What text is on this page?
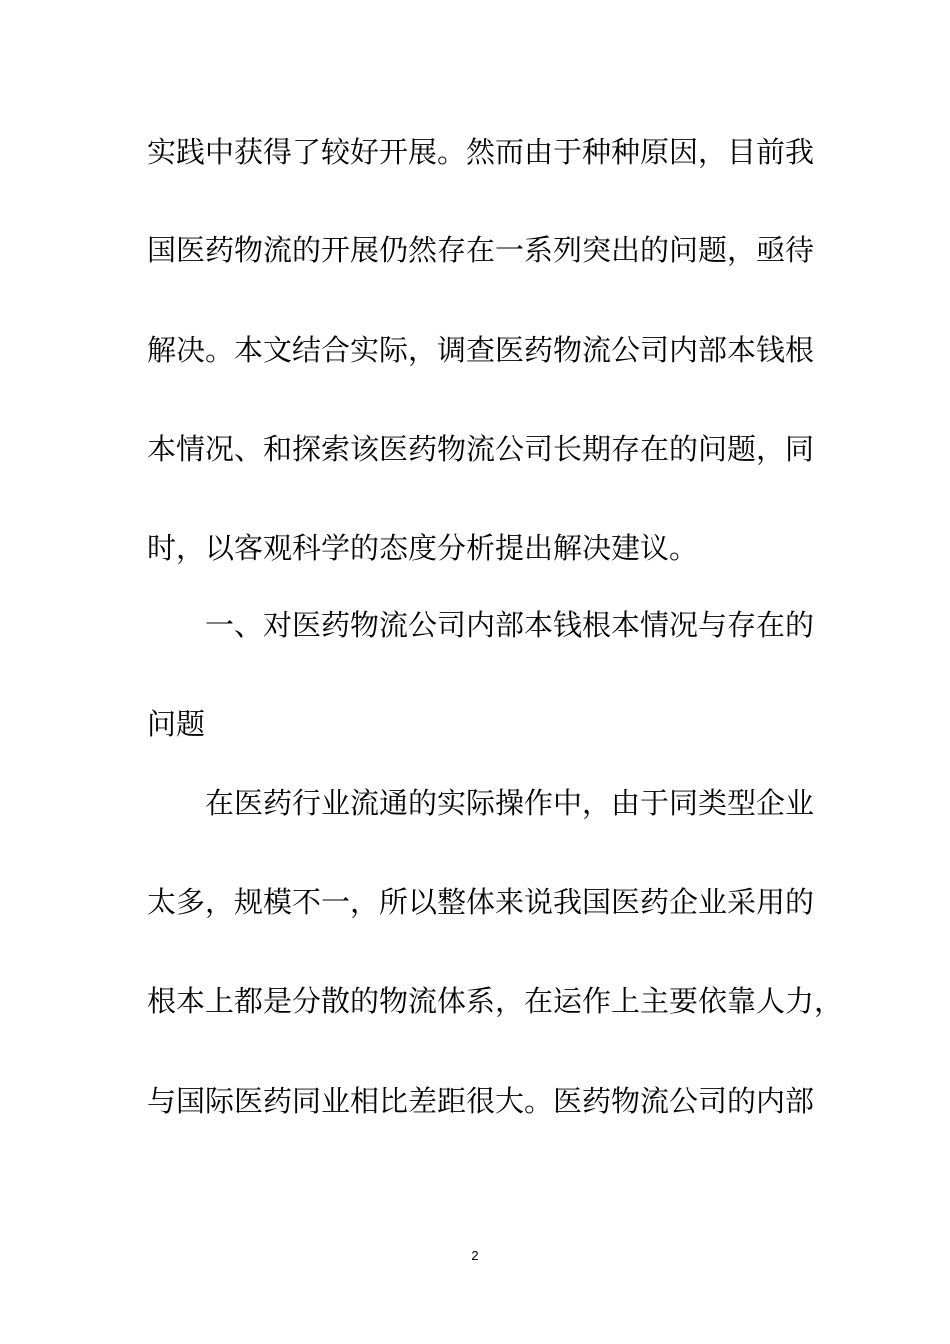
实践中获得了较好开展。然而由于种种原因，目前我
国医药物流的开展仍然存在一系列突出的问题，亟待
解决。本文结合实际，调查医药物流公司内部本钱根
本情况、和探索该医药物流公司长期存在的问题，同
时，以客观科学的态度分析提出解决建议。
一、对医药物流公司内部本钱根本情况与存在的
问题
在医药行业流通的实际操作中，由于同类型企业
太多，规模不一，所以整体来说我国医药企业采用的
根本上都是分散的物流体系，在运作上主要依靠人力，
与国际医药同业相比差距很大。医药物流公司的内部
2
